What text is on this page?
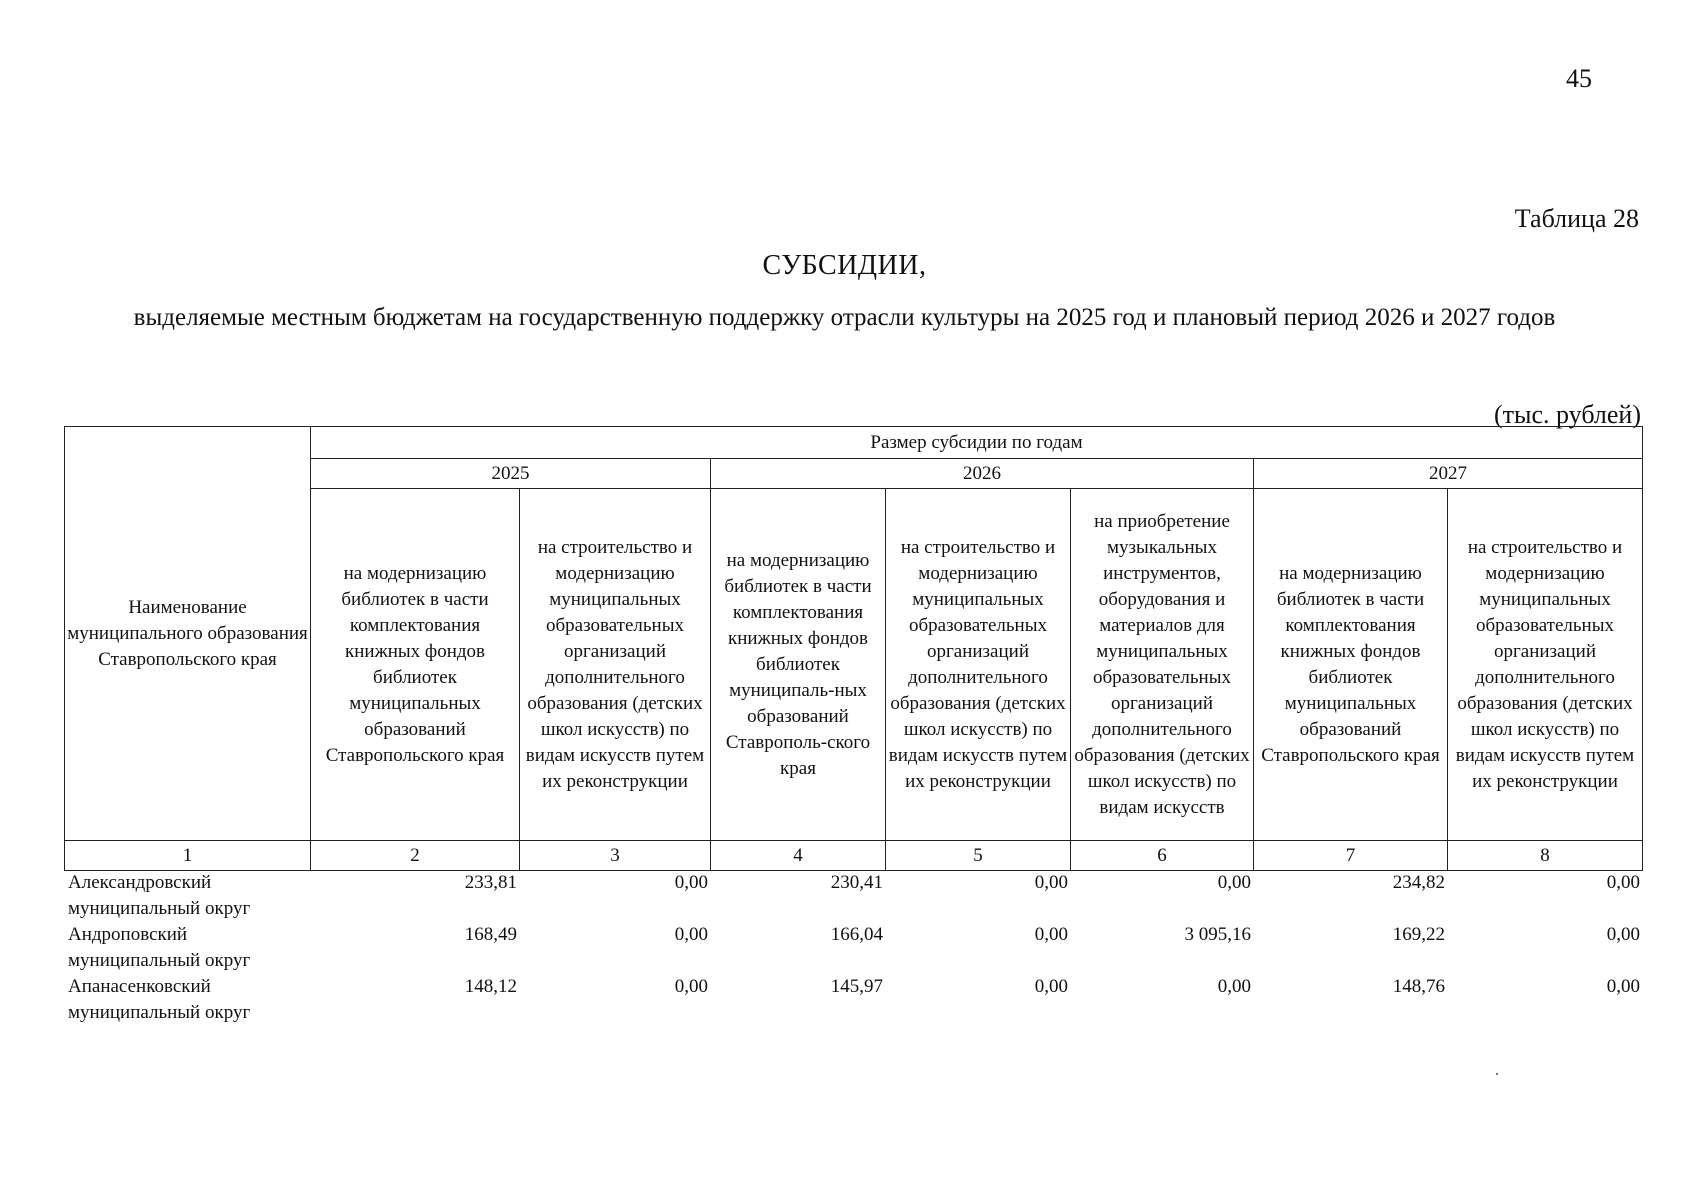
45
Таблица 28
СУБСИДИИ,
выделяемые местным бюджетам на государственную поддержку отрасли культуры на 2025 год и плановый период 2026 и 2027 годов
(тыс. рублей)
Наименование муниципального образования Ставропольского края	Размер субсидии по годам						
	2025		2026			2027	
	на модернизацию библиотек в части комплектования книжных фондов библиотек муниципальных образований Ставропольского края	на строительство и модернизацию муниципальных образовательных организаций дополнительного образования (детских школ искусств) по видам искусств путем их реконструкции	на модернизацию библиотек в части комплектования книжных фондов библиотек муниципаль-ных образований Ставрополь-ского края	на строительство и модернизацию муниципальных образовательных организаций дополнительного образования (детских школ искусств) по видам искусств путем их реконструкции	на приобретение музыкальных инструментов, оборудования и материалов для муниципальных образовательных организаций дополнительного образования (детских школ искусств) по видам искусств	на модернизацию библиотек в части комплектования книжных фондов библиотек муниципальных образований Ставропольского края	на строительство и модернизацию муниципальных образовательных организаций дополнительного образования (детских школ искусств) по видам искусств путем их реконструкции
1	2	3	4	5	6	7	8
Александровский муниципальный округ	233,81	0,00	230,41	0,00	0,00	234,82	0,00
Андроповский муниципальный округ	168,49	0,00	166,04	0,00	3 095,16	169,22	0,00
Апанасенковский муниципальный округ	148,12	0,00	145,97	0,00	0,00	148,76	0,00
